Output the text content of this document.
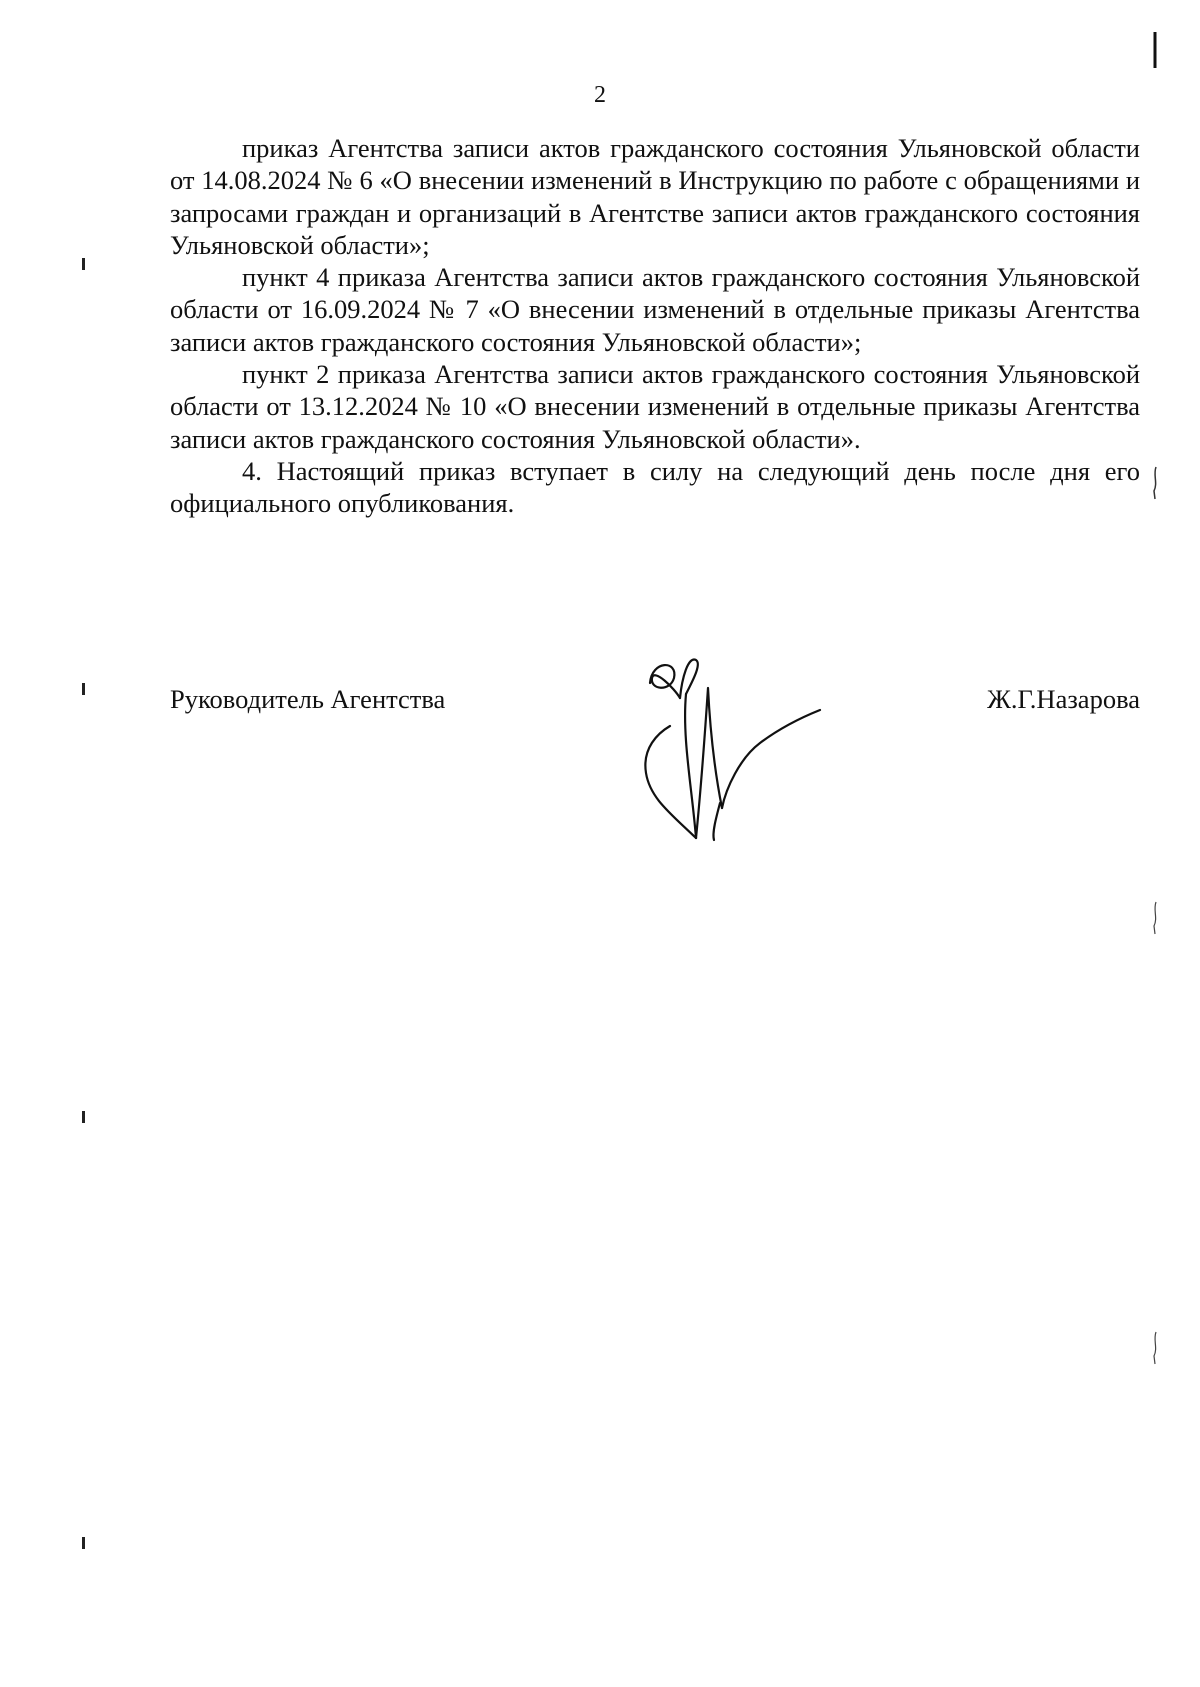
2

приказ Агентства записи актов гражданского состояния Ульяновской области от 14.08.2024 № 6 «О внесении изменений в Инструкцию по работе с обращениями и запросами граждан и организаций в Агентстве записи актов гражданского состояния Ульяновской области»;

пункт 4 приказа Агентства записи актов гражданского состояния Ульяновской области от 16.09.2024 № 7 «О внесении изменений в отдельные приказы Агентства записи актов гражданского состояния Ульяновской области»;

пункт 2 приказа Агентства записи актов гражданского состояния Ульяновской области от 13.12.2024 № 10 «О внесении изменений в отдельные приказы Агентства записи актов гражданского состояния Ульяновской области».

4. Настоящий приказ вступает в силу на следующий день после дня его официального опубликования.

Руководитель Агентства	Ж.Г.Назарова
